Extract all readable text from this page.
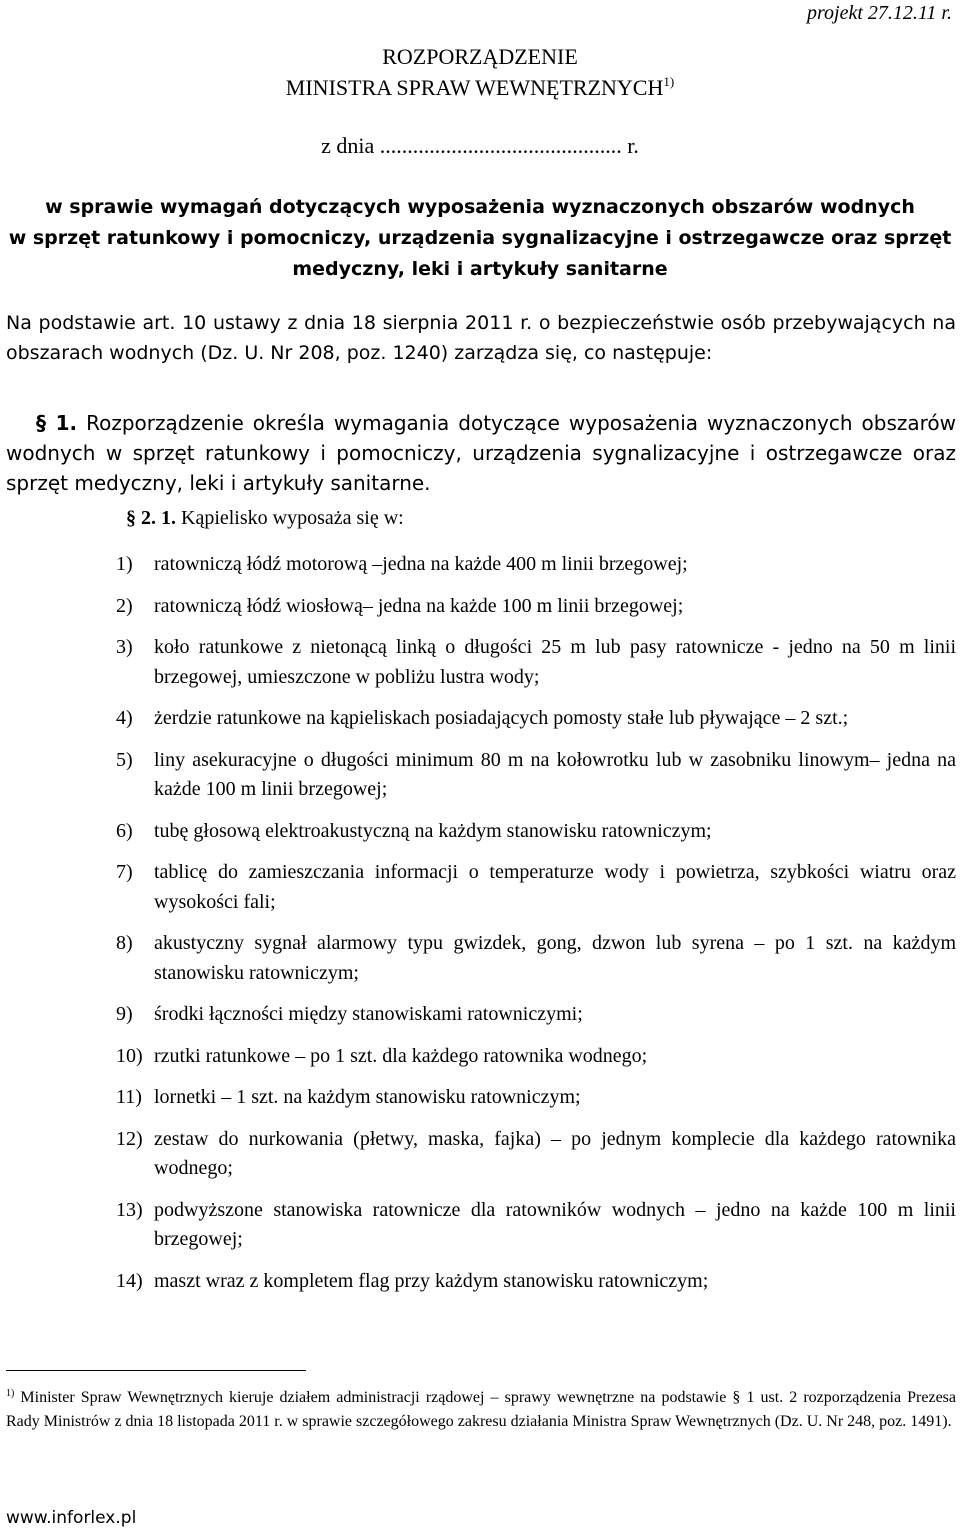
projekt 27.12.11 r.
ROZPORZĄDZENIE
MINISTRA SPRAW WEWNĘTRZNYCH$^{1)}$
z dnia ............................................ r.
w sprawie wymagań dotyczących wyposażenia wyznaczonych obszarów wodnych
w sprzęt ratunkowy i pomocniczy, urządzenia sygnalizacyjne i ostrzegawcze oraz sprzęt
medyczny, leki i artykuły sanitarne
Na podstawie art. 10 ustawy z dnia 18 sierpnia 2011 r. o bezpieczeństwie osób przebywających na obszarach wodnych (Dz. U. Nr 208, poz. 1240) zarządza się, co następuje:
§ 1. Rozporządzenie określa wymagania dotyczące wyposażenia wyznaczonych obszarów wodnych w sprzęt ratunkowy i pomocniczy, urządzenia sygnalizacyjne i ostrzegawcze oraz sprzęt medyczny, leki i artykuły sanitarne.
§ 2. 1. Kąpielisko wyposaża się w:
1)	ratowniczą łódź motorową –jedna na każde 400 m linii brzegowej;
2)	ratowniczą łódź wiosłową– jedna na każde 100 m linii brzegowej;
3)	koło ratunkowe z nietonącą linką o długości 25 m lub pasy ratownicze - jedno na 50 m linii brzegowej, umieszczone w pobliżu lustra wody;
4)	żerdzie ratunkowe na kąpieliskach posiadających pomosty stałe lub pływające – 2 szt.;
5)	liny asekuracyjne o długości minimum 80 m na kołowrotku lub w zasobniku linowym– jedna na każde 100 m linii brzegowej;
6)	tubę głosową elektroakustyczną na każdym stanowisku ratowniczym;
7)	tablicę do zamieszczania informacji o temperaturze wody i powietrza, szybkości wiatru oraz wysokości fali;
8)	akustyczny sygnał alarmowy typu gwizdek, gong, dzwon lub syrena – po 1 szt. na każdym stanowisku ratowniczym;
9)	środki łączności między stanowiskami ratowniczymi;
10) rzutki ratunkowe – po 1 szt. dla każdego ratownika wodnego;
11) lornetki – 1 szt. na każdym stanowisku ratowniczym;
12) zestaw do nurkowania (płetwy, maska, fajka) – po jednym komplecie dla każdego ratownika wodnego;
13) podwyższone stanowiska ratownicze dla ratowników wodnych – jedno na każde 100 m linii brzegowej;
14) maszt wraz z kompletem flag przy każdym stanowisku ratowniczym;
$^{1)}$ Minister Spraw Wewnętrznych kieruje działem administracji rządowej – sprawy wewnętrzne na podstawie § 1 ust. 2 rozporządzenia Prezesa Rady Ministrów z dnia 18 listopada 2011 r. w sprawie szczegółowego zakresu działania Ministra Spraw Wewnętrznych (Dz. U. Nr 248, poz. 1491).
www.inforlex.pl
